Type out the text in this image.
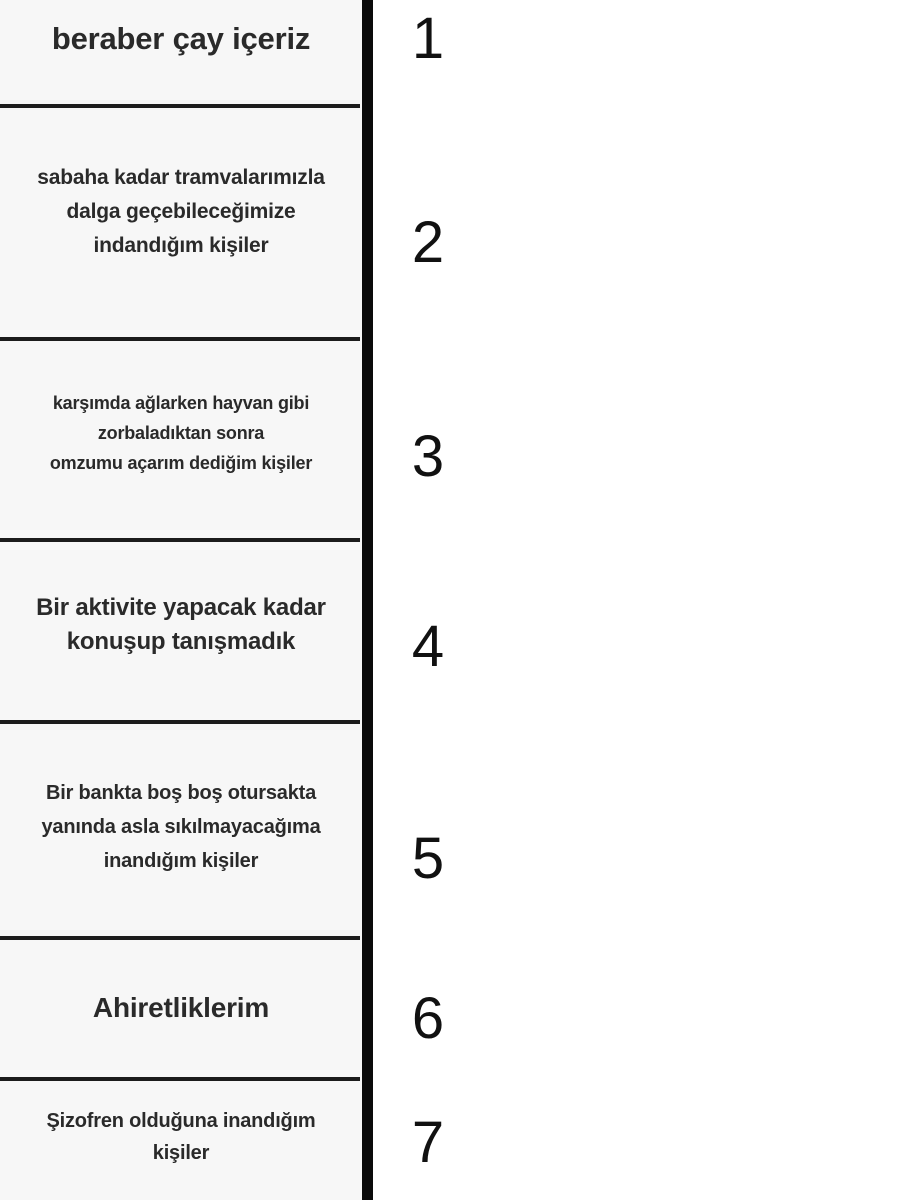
beraber çay içeriz
sabaha kadar tramvalarımızla
dalga geçebileceğimize
indandığım kişiler
karşımda ağlarken hayvan gibi
zorbaladıktan sonra
omzumu açarım dediğim kişiler
Bir aktivite yapacak kadar
konuşup tanışmadık
Bir bankta boş boş otursakta
yanında asla sıkılmayacağıma
inandığım kişiler
Ahiretliklerim
Şizofren olduğuna inandığım
kişiler
1
2
3
4
5
6
7
